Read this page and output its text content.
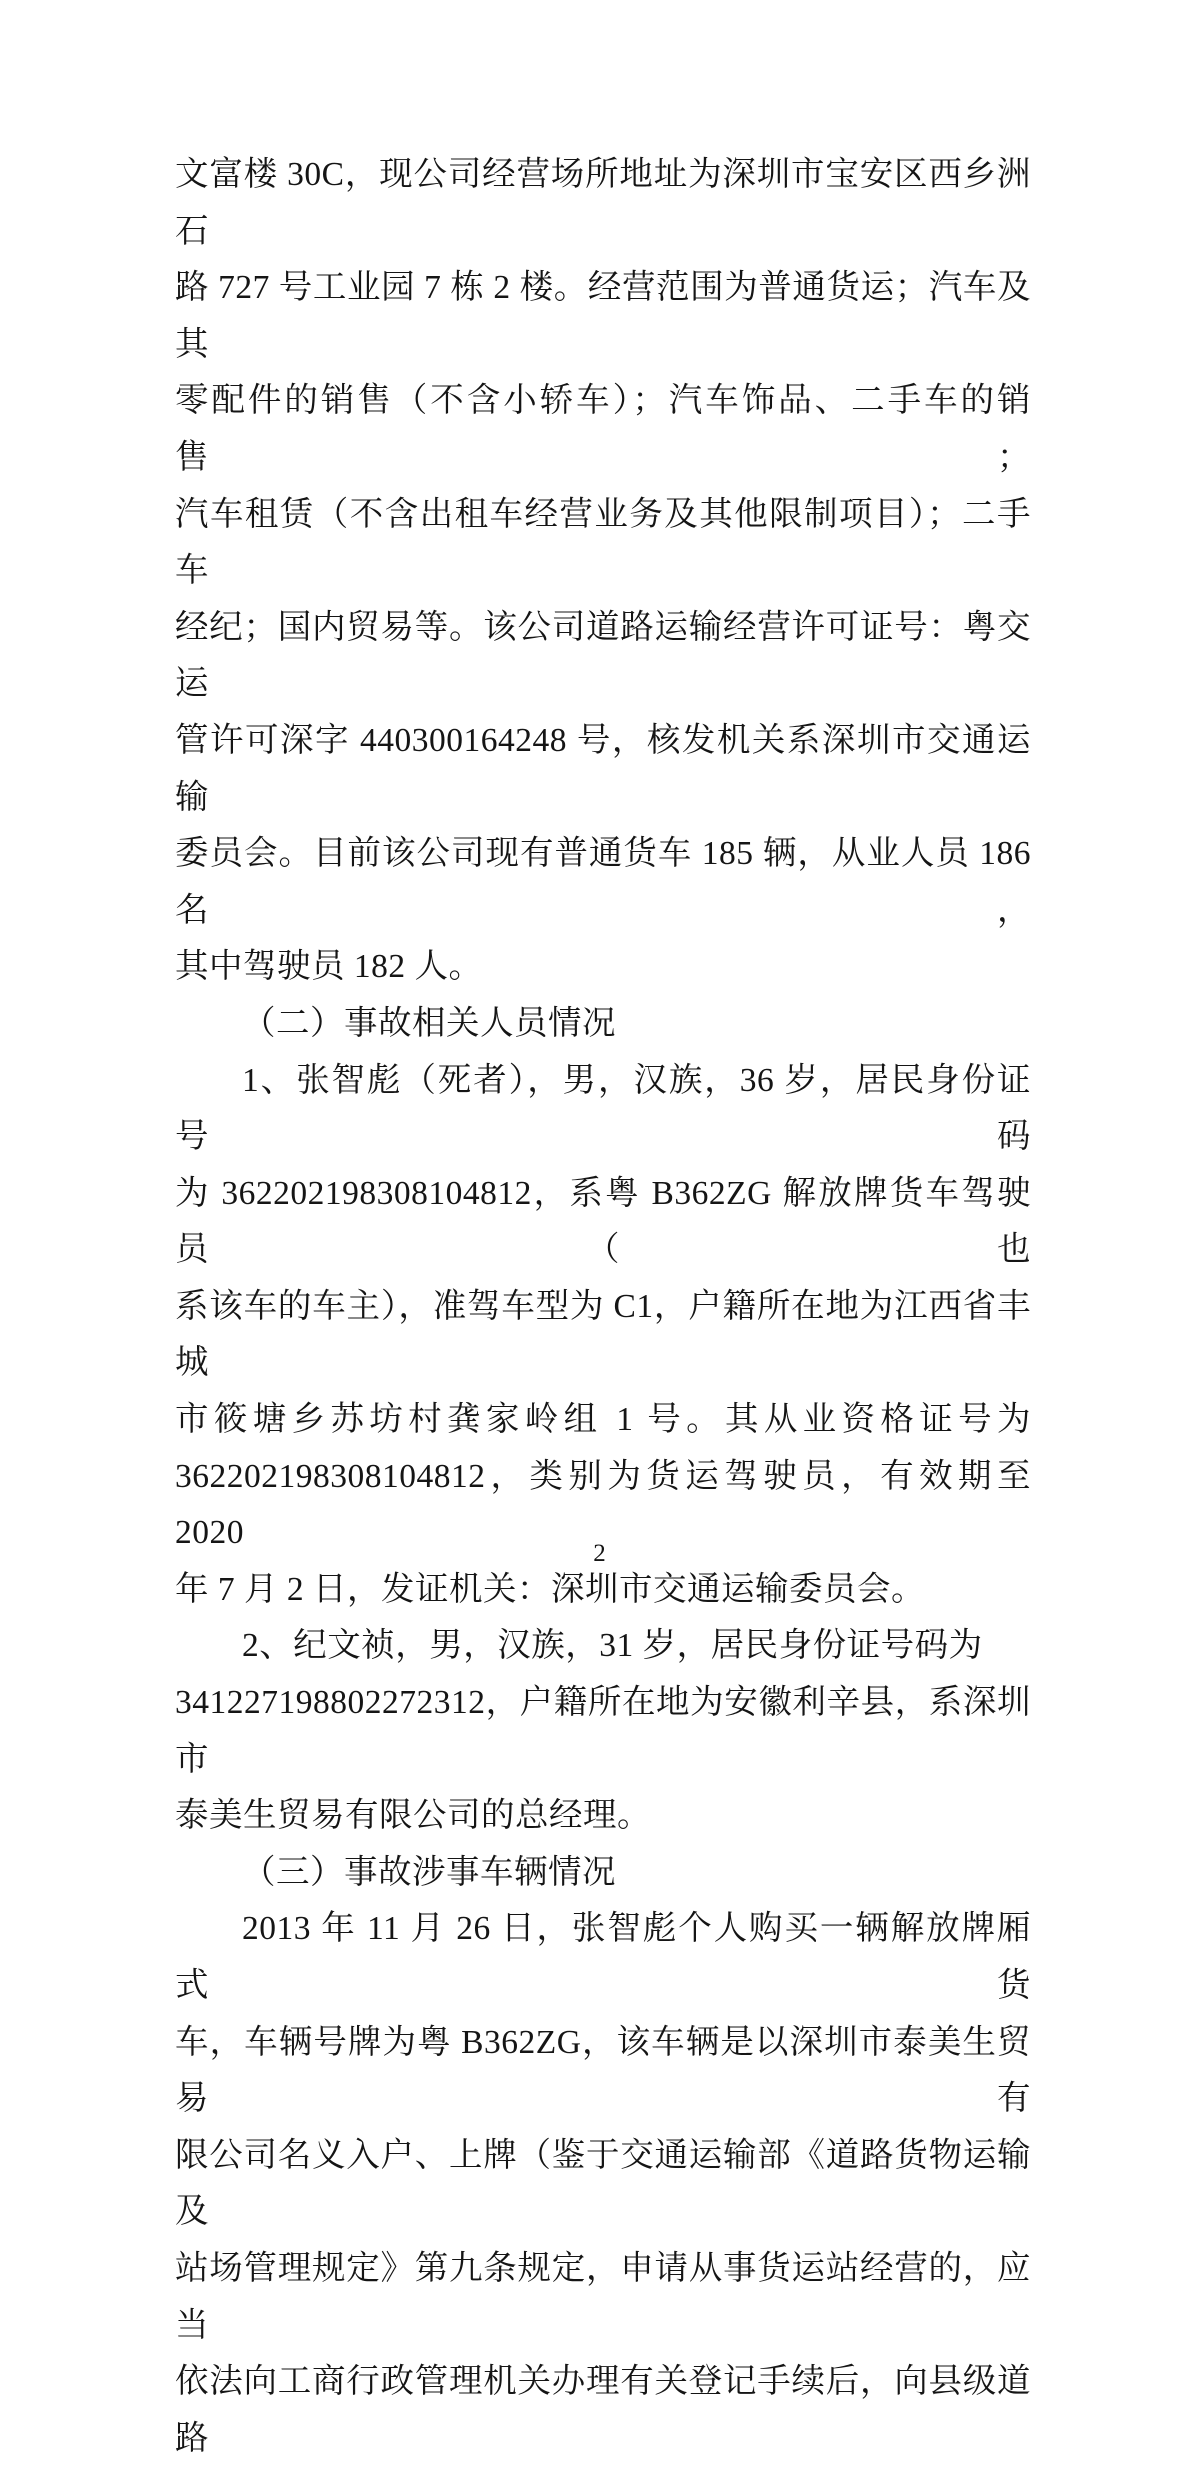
文富楼 30C，现公司经营场所地址为深圳市宝安区西乡洲石
路 727 号工业园 7 栋 2 楼。经营范围为普通货运；汽车及其
零配件的销售（不含小轿车）；汽车饰品、二手车的销售；
汽车租赁（不含出租车经营业务及其他限制项目）；二手车
经纪；国内贸易等。该公司道路运输经营许可证号：粤交运
管许可深字 440300164248 号，核发机关系深圳市交通运输
委员会。目前该公司现有普通货车 185 辆，从业人员 186 名，
其中驾驶员 182 人。
（二）事故相关人员情况
1、张智彪（死者），男，汉族，36 岁，居民身份证号码
为 362202198308104812，系粤 B362ZG 解放牌货车驾驶员（也
系该车的车主），准驾车型为 C1，户籍所在地为江西省丰城
市筱塘乡苏坊村龚家岭组 1 号。其从业资格证号为
362202198308104812，类别为货运驾驶员，有效期至 2020
年 7 月 2 日，发证机关：深圳市交通运输委员会。
2、纪文祯，男，汉族，31 岁，居民身份证号码为
341227198802272312，户籍所在地为安徽利辛县，系深圳市
泰美生贸易有限公司的总经理。
（三）事故涉事车辆情况
2013 年 11 月 26 日，张智彪个人购买一辆解放牌厢式货
车，车辆号牌为粤 B362ZG，该车辆是以深圳市泰美生贸易有
限公司名义入户、上牌（鉴于交通运输部《道路货物运输及
站场管理规定》第九条规定，申请从事货运站经营的，应当
依法向工商行政管理机关办理有关登记手续后，向县级道路
2
